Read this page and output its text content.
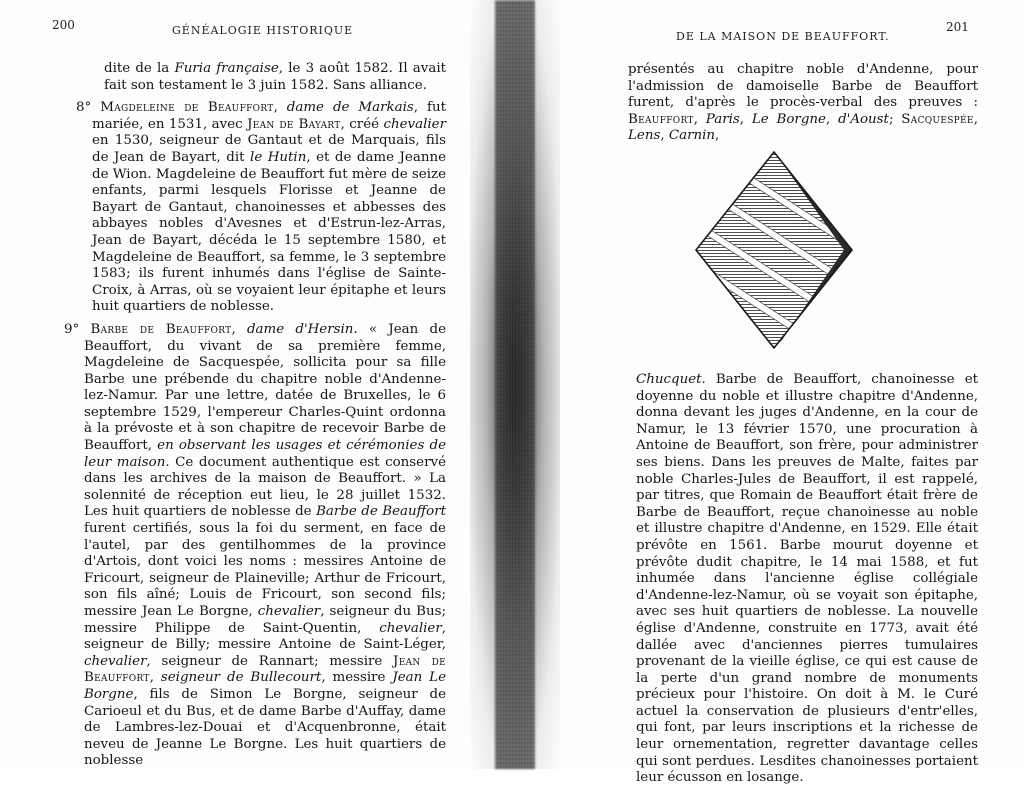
200	GÉNÉALOGIE HISTORIQUE

dite de la Furia française, le 3 août 1582. Il avait fait son testament le 3 juin 1582. Sans alliance.

8° Magdeleine de Beauffort, dame de Markais, fut mariée, en 1531, avec Jean de Bayart, créé chevalier en 1530, seigneur de Gantaut et de Marquais, fils de Jean de Bayart, dit le Hutin, et de dame Jeanne de Wion. Magdeleine de Beauffort fut mère de seize enfants, parmi lesquels Florisse et Jeanne de Bayart de Gantaut, chanoinesses et abbesses des abbayes nobles d'Avesnes et d'Estrun-lez-Arras, Jean de Bayart, décéda le 15 septembre 1580, et Magdeleine de Beauffort, sa femme, le 3 septembre 1583; ils furent inhumés dans l'église de Sainte-Croix, à Arras, où se voyaient leur épitaphe et leurs huit quartiers de noblesse.

9° Barbe de Beauffort, dame d'Hersin. « Jean de Beauffort, du vivant de sa première femme, Magdeleine de Sacquespée, sollicita pour sa fille Barbe une prébende du chapitre noble d'Andenne-lez-Namur. Par une lettre, datée de Bruxelles, le 6 septembre 1529, l'empereur Charles-Quint ordonna à la prévoste et à son chapitre de recevoir Barbe de Beauffort, en observant les usages et cérémonies de leur maison. Ce document authentique est conservé dans les archives de la maison de Beauffort. » La solennité de réception eut lieu, le 28 juillet 1532. Les huit quartiers de noblesse de Barbe de Beauffort furent certifiés, sous la foi du serment, en face de l'autel, par des gentilhommes de la province d'Artois, dont voici les noms : messires Antoine de Fricourt, seigneur de Plaineville; Arthur de Fricourt, son fils aîné; Louis de Fricourt, son second fils; messire Jean Le Borgne, chevalier, seigneur du Bus; messire Philippe de Saint-Quentin, chevalier, seigneur de Billy; messire Antoine de Saint-Léger, chevalier, seigneur de Rannart; messire Jean de Beauffort, seigneur de Bullecourt, messire Jean Le Borgne, fils de Simon Le Borgne, seigneur de Carioeul et du Bus, et de dame Barbe d'Auffay, dame de Lambres-lez-Douai et d'Acquenbronne, était neveu de Jeanne Le Borgne. Les huit quartiers de noblesse

DE LA MAISON DE BEAUFFORT.
201

présentés au chapitre noble d'Andenne, pour l'admission de damoiselle Barbe de Beauffort furent, d'après le procès-verbal des preuves : Beauffort, Paris, Le Borgne, d'Aoust; Sacquespée, Lens, Carnin,

Chucquet. Barbe de Beauffort, chanoinesse et doyenne du noble et illustre chapitre d'Andenne, donna devant les juges d'Andenne, en la cour de Namur, le 13 février 1570, une procuration à Antoine de Beauffort, son frère, pour administrer ses biens. Dans les preuves de Malte, faites par noble Charles-Jules de Beauffort, il est rappelé, par titres, que Romain de Beauffort était frère de Barbe de Beauffort, reçue chanoinesse au noble et illustre chapitre d'Andenne, en 1529. Elle était prévôte en 1561. Barbe mourut doyenne et prévôte dudit chapitre, le 14 mai 1588, et fut inhumée dans l'ancienne église collégiale d'Andenne-lez-Namur, où se voyait son épitaphe, avec ses huit quartiers de noblesse. La nouvelle église d'Andenne, construite en 1773, avait été dallée avec d'anciennes pierres tumulaires provenant de la vieille église, ce qui est cause de la perte d'un grand nombre de monuments précieux pour l'histoire. On doit à M. le Curé actuel la conservation de plusieurs d'entr'elles, qui font, par leurs inscriptions et la richesse de leur ornementation, regretter davantage celles qui sont perdues. Lesdites chanoinesses portaient leur écusson en losange.
